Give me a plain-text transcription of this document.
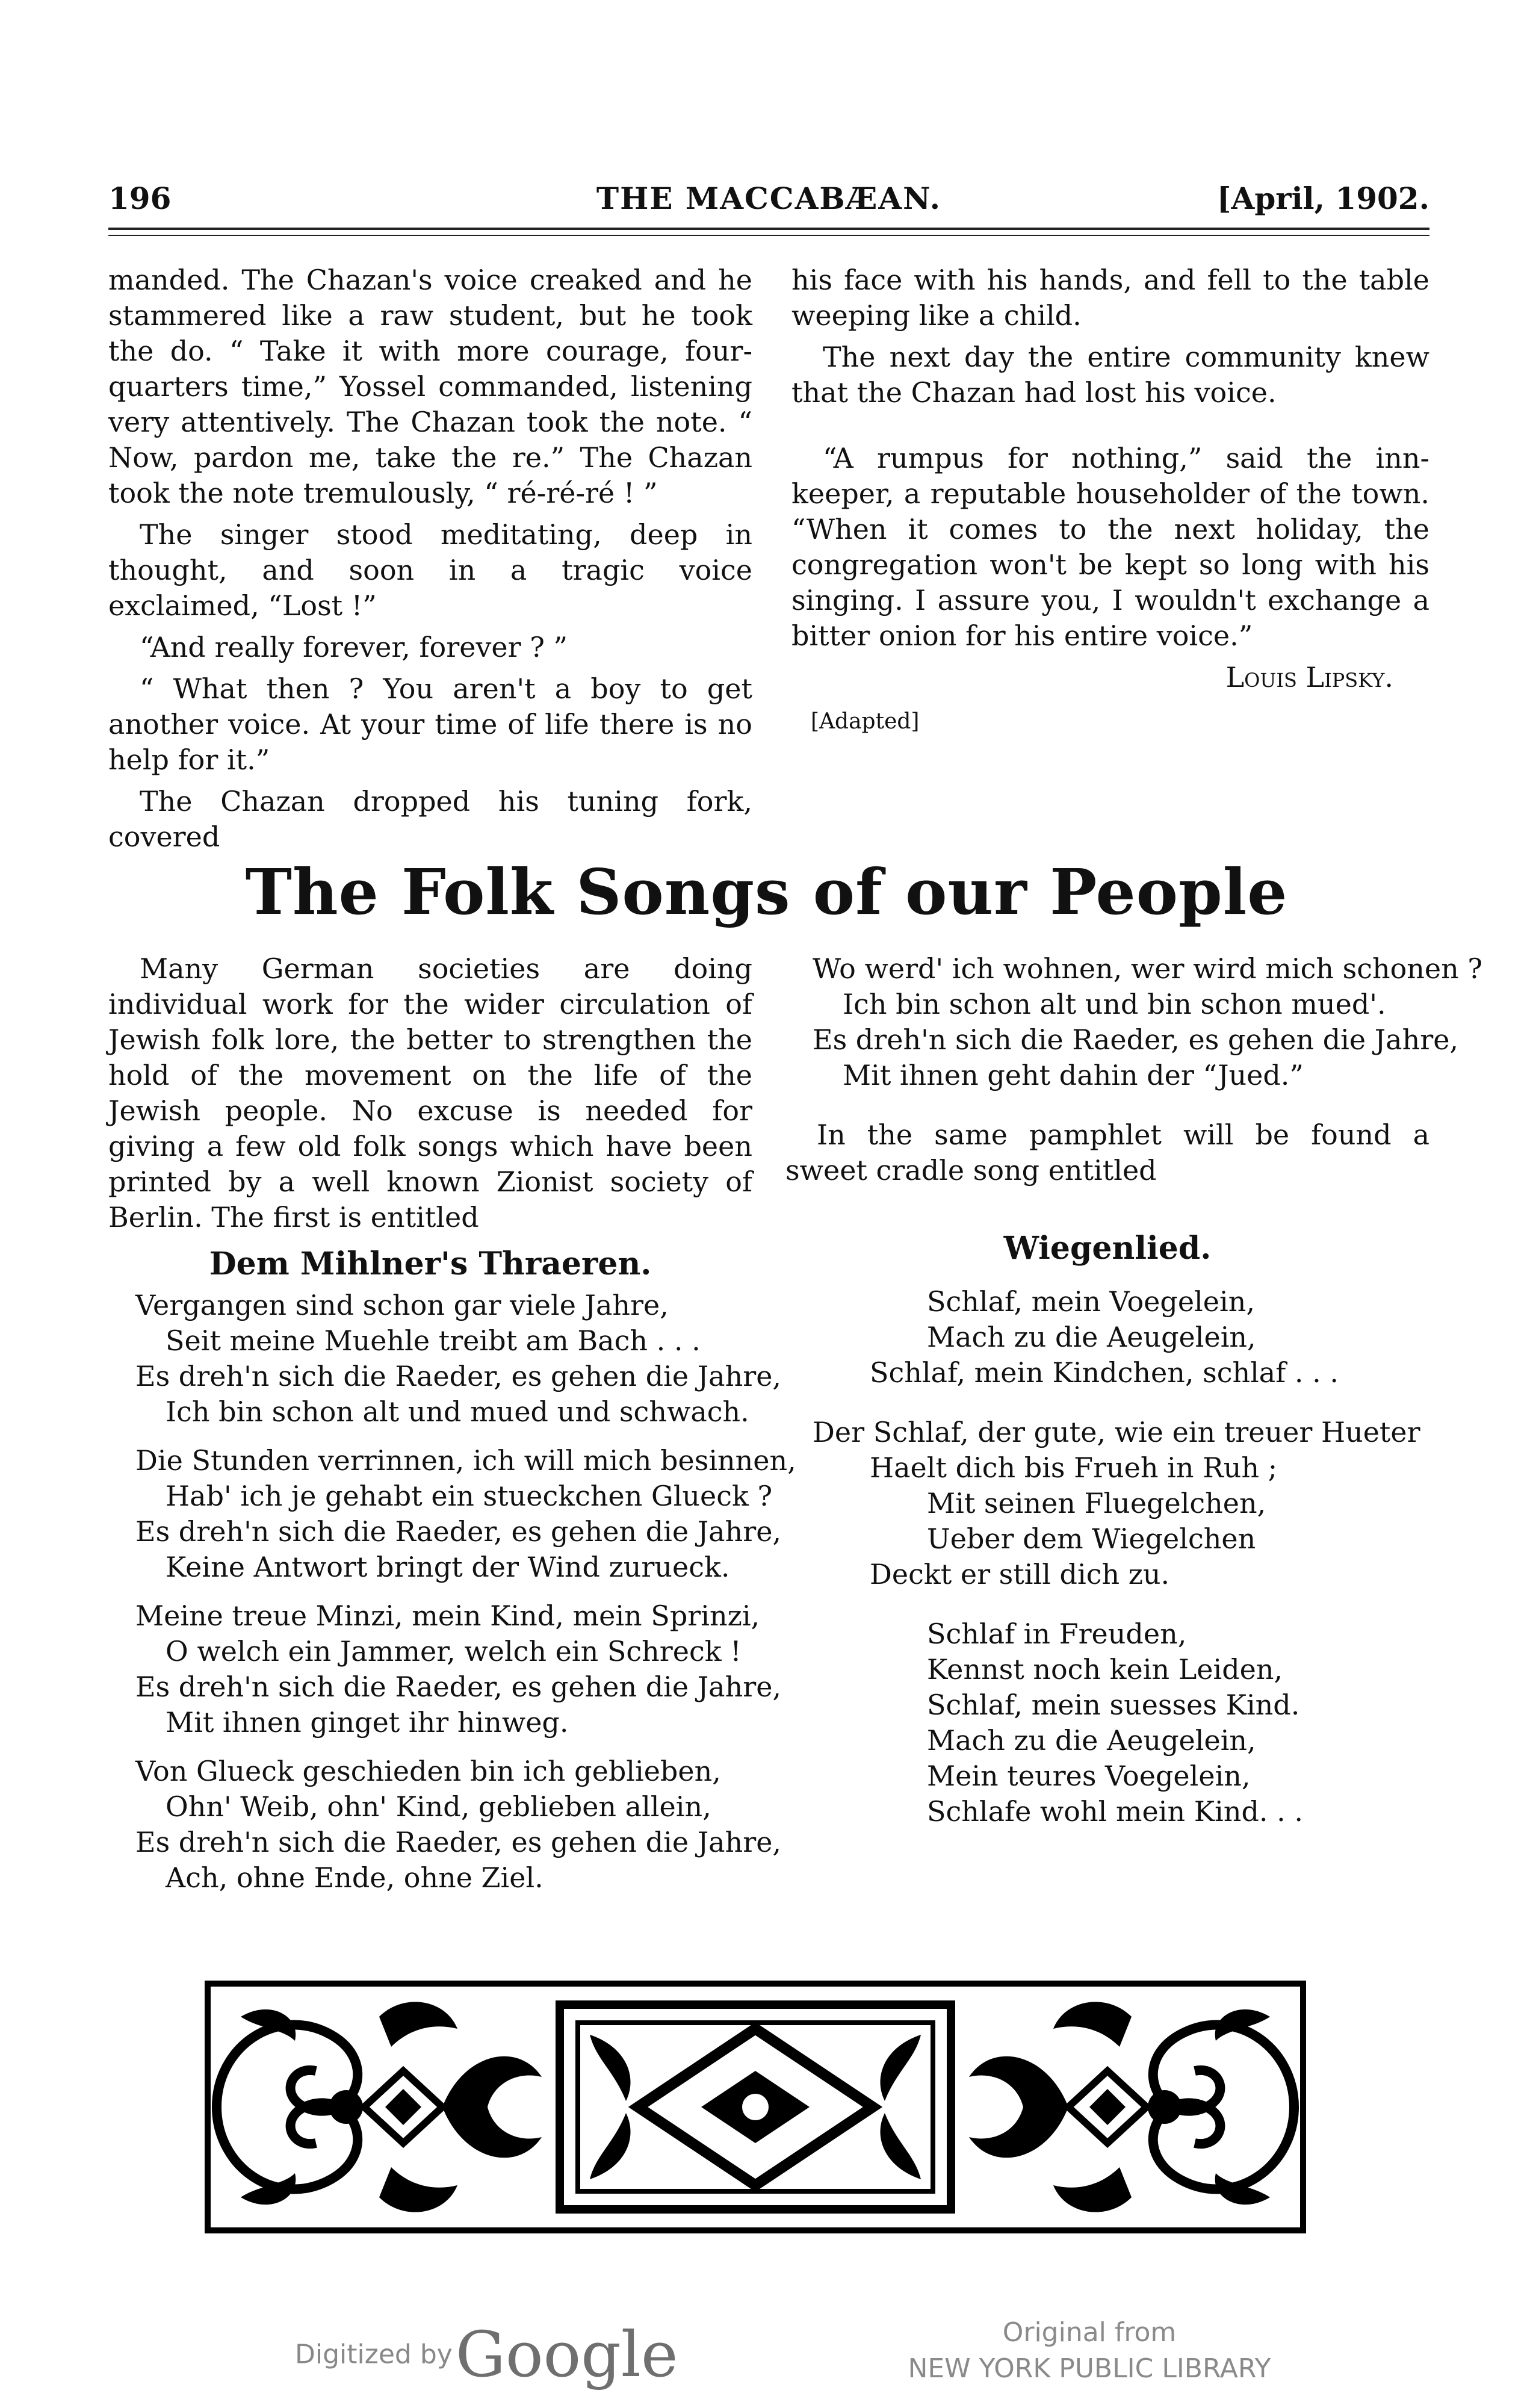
196	THE MACCABÆAN.	[April, 1902.

manded. The Chazan's voice creaked and he stammered like a raw student, but he took the do. “ Take it with more courage, four-quarters time,” Yossel commanded, listening very attentively. The Chazan took the note. “ Now, pardon me, take the re.” The Chazan took the note tremulously, “ ré-ré-ré ! ”

The singer stood meditating, deep in thought, and soon in a tragic voice exclaimed, “Lost !”

“And really forever, forever ? ”

“ What then ? You aren't a boy to get another voice. At your time of life there is no help for it.”

The Chazan dropped his tuning fork, covered

his face with his hands, and fell to the table weeping like a child.

The next day the entire community knew that the Chazan had lost his voice.

“A rumpus for nothing,” said the inn-keeper, a reputable householder of the town. “When it comes to the next holiday, the congregation won't be kept so long with his singing. I assure you, I wouldn't exchange a bitter onion for his entire voice.”

Louis Lipsky.
[Adapted]
The Folk Songs of our People

Many German societies are doing individual work for the wider circulation of Jewish folk lore, the better to strengthen the hold of the movement on the life of the Jewish people. No excuse is needed for giving a few old folk songs which have been printed by a well known Zionist society of Berlin. The first is entitled

Dem Mihlner's Thraeren.
Vergangen sind schon gar viele Jahre,
Seit meine Muehle treibt am Bach . . .
Es dreh'n sich die Raeder, es gehen die Jahre,
Ich bin schon alt und mued und schwach.
Die Stunden verrinnen, ich will mich besinnen,
Hab' ich je gehabt ein stueckchen Glueck ?
Es dreh'n sich die Raeder, es gehen die Jahre,
Keine Antwort bringt der Wind zurueck.
Meine treue Minzi, mein Kind, mein Sprinzi,
O welch ein Jammer, welch ein Schreck !
Es dreh'n sich die Raeder, es gehen die Jahre,
Mit ihnen ginget ihr hinweg.
Von Glueck geschieden bin ich geblieben,
Ohn' Weib, ohn' Kind, geblieben allein,
Es dreh'n sich die Raeder, es gehen die Jahre,
Ach, ohne Ende, ohne Ziel.
Wo werd' ich wohnen, wer wird mich schonen ?
Ich bin schon alt und bin schon mued'.
Es dreh'n sich die Raeder, es gehen die Jahre,
Mit ihnen geht dahin der “Jued.”

In the same pamphlet will be found a sweet cradle song entitled

Wiegenlied.
Schlaf, mein Voegelein,
Mach zu die Aeugelein,
Schlaf, mein Kindchen, schlaf . . .
Der Schlaf, der gute, wie ein treuer Hueter
Haelt dich bis Frueh in Ruh ;
Mit seinen Fluegelchen,
Ueber dem Wiegelchen
Deckt er still dich zu.
Schlaf in Freuden,
Kennst noch kein Leiden,
Schlaf, mein suesses Kind.
Mach zu die Aeugelein,
Mein teures Voegelein,
Schlafe wohl mein Kind. . .
Digitized by Google	Original from
NEW YORK PUBLIC LIBRARY
